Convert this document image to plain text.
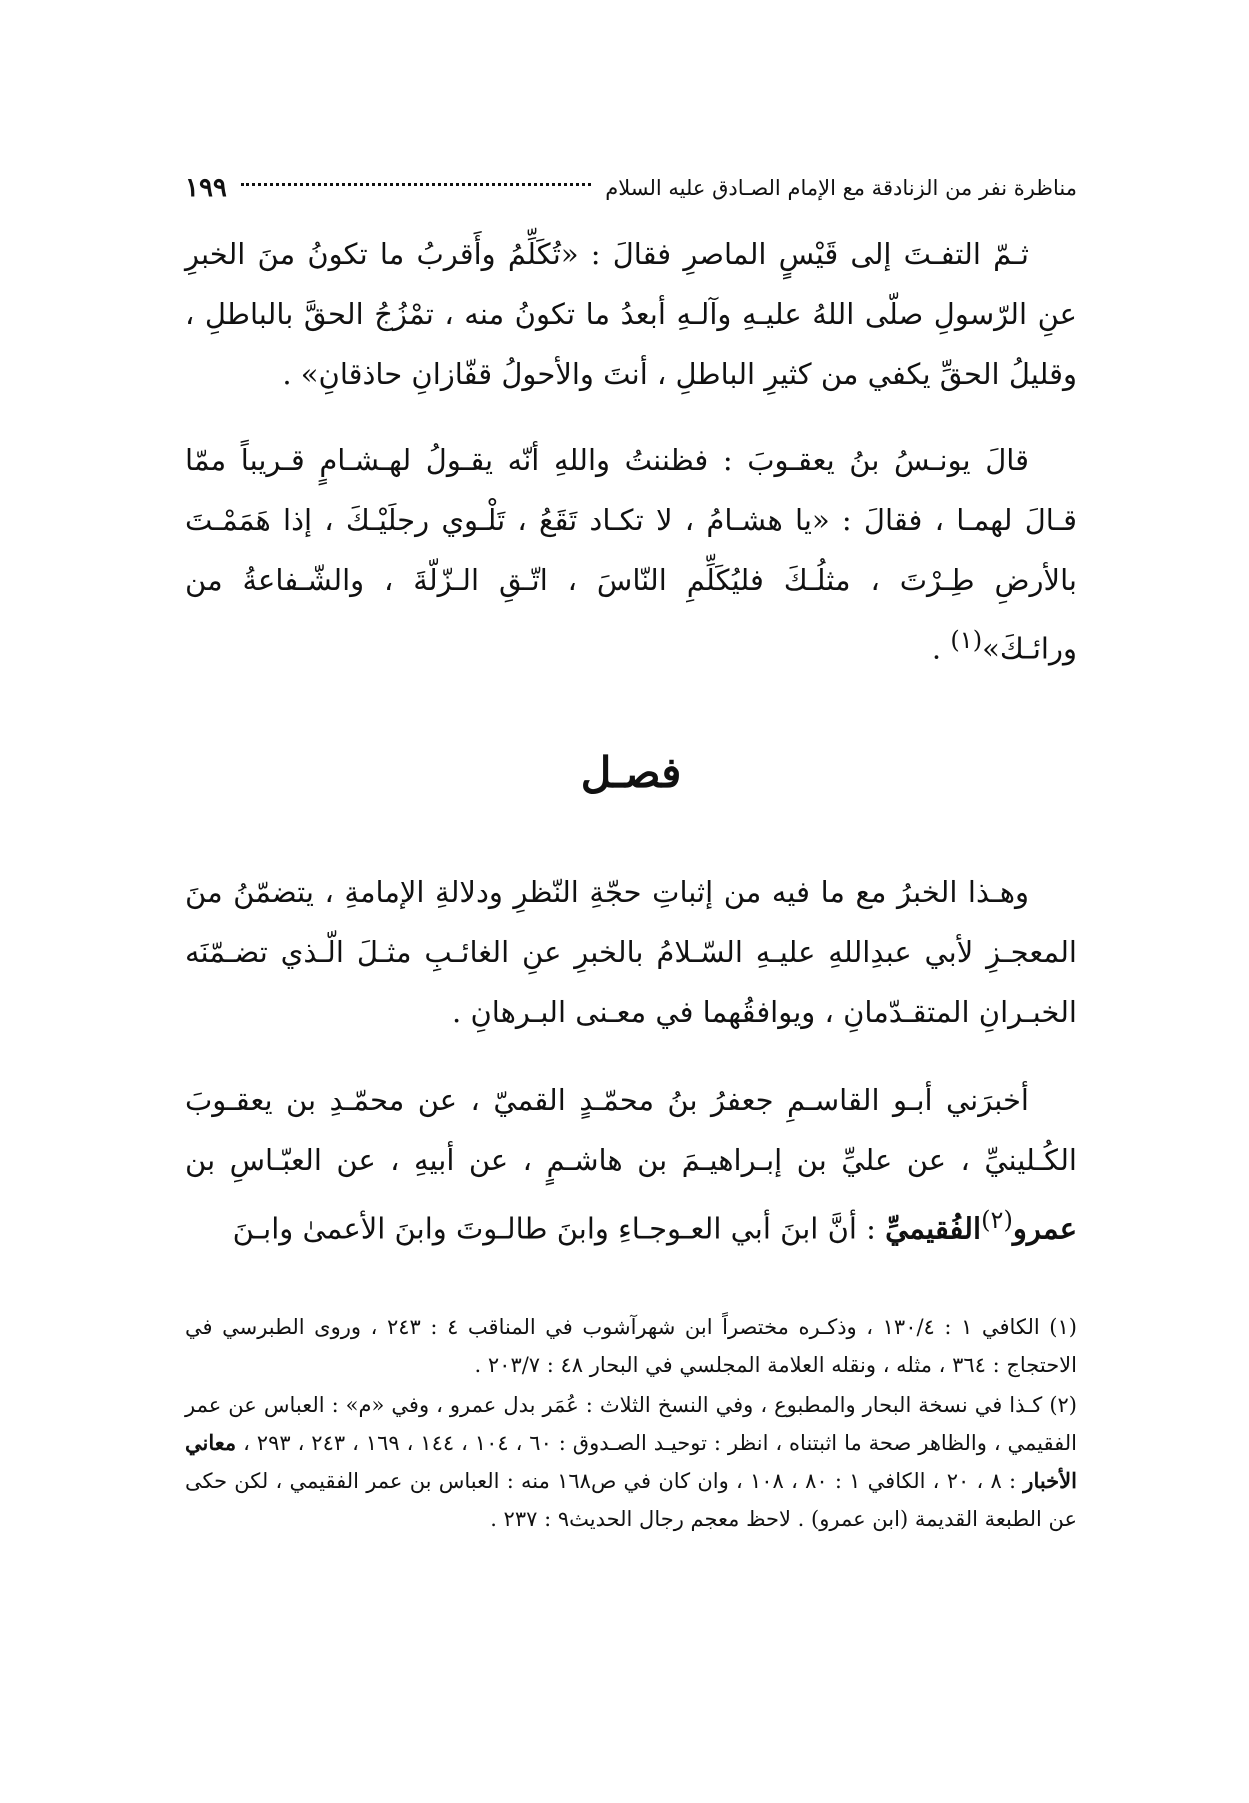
مناظرة نفر من الزنادقة مع الإمام الصـادق عليه السلام
١٩٩

ثـمّ التفـتَ إلى قَيْسٍ الماصرِ فقالَ : «تُكَلِّمُ وأَقربُ ما تكونُ منَ الخبرِ عنِ الرّسولِ صلّى اللهُ عليـهِ وآلـهِ أبعدُ ما تكونُ منه ، تمْزُجُ الحقَّ بالباطلِ ، وقليلُ الحقِّ يكفي من كثيرِ الباطلِ ، أنتَ والأحولُ قفّازانِ حاذقانِ» .

قالَ يونـسُ بنُ يعقـوبَ : فظننتُ واللهِ أنّه يقـولُ لهـشـامٍ قـريباً ممّا قـالَ لهمـا ، فقالَ : «يا هشـامُ ، لا تكـاد تَقَعُ ، تَلْـوي رجلَيْـكَ ، إذا هَمَمْـتَ بالأرضِ طِـرْتَ ، مثلُـكَ فليُكَلِّمِ النّاسَ ، اتّـقِ الـزّلّةَ ، والشّـفاعةُ من ورائـكَ»$^{(١)}$ .

فصـل

وهـذا الخبرُ مع ما فيه من إثباتِ حجّةِ النّظرِ ودلالةِ الإمامةِ ، يتضمّنُ منَ المعجـزِ لأبي عبدِاللهِ عليـهِ السّـلامُ بالخبرِ عنِ الغائـبِ مثـلَ الّـذي تضـمّنَه الخبـرانِ المتقـدّمانِ ، ويوافقُهما في معـنى البـرهانِ .

أخبرَني أبـو القاسـمِ جعفرُ بنُ محمّـدٍ القميّ ، عن محمّـدِ بن يعقـوبَ الكُـلينيِّ ، عن عليِّ بن إبـراهيـمَ بن هاشـمٍ ، عن أبيهِ ، عن العبّـاسِ بن عمرو$^{(٢)}$الفُقيميِّ : أنَّ ابنَ أبي العـوجـاءِ وابنَ طالـوتَ وابنَ الأعمىٰ وابـنَ

(١) الكافي ١ : ١٣٠/٤ ، وذكـره مختصراً ابن شهرآشوب في المناقب ٤ : ٢٤٣ ، وروى الطبرسي في الاحتجاج : ٣٦٤ ، مثله ، ونقله العلامة المجلسي في البحار ٤٨ : ٢٠٣/٧ .

(٢) كـذا في نسخة البحار والمطبوع ، وفي النسخ الثلاث : عُمَر بدل عمرو ، وفي «م» : العباس عن عمر الفقيمي ، والظاهر صحة ما اثبتناه ، انظر : توحيـد الصـدوق : ٦٠ ، ١٠٤ ، ١٤٤ ، ١٦٩ ، ٢٤٣ ، ٢٩٣ ، معاني الأخبار : ٨ ، ٢٠ ، الكافي ١ : ٨٠ ، ١٠٨ ، وان كان في ص١٦٨ منه : العباس بن عمر الفقيمي ، لكن حكى عن الطبعة القديمة (ابن عمرو) . لاحظ معجم رجال الحديث٩ : ٢٣٧ .
